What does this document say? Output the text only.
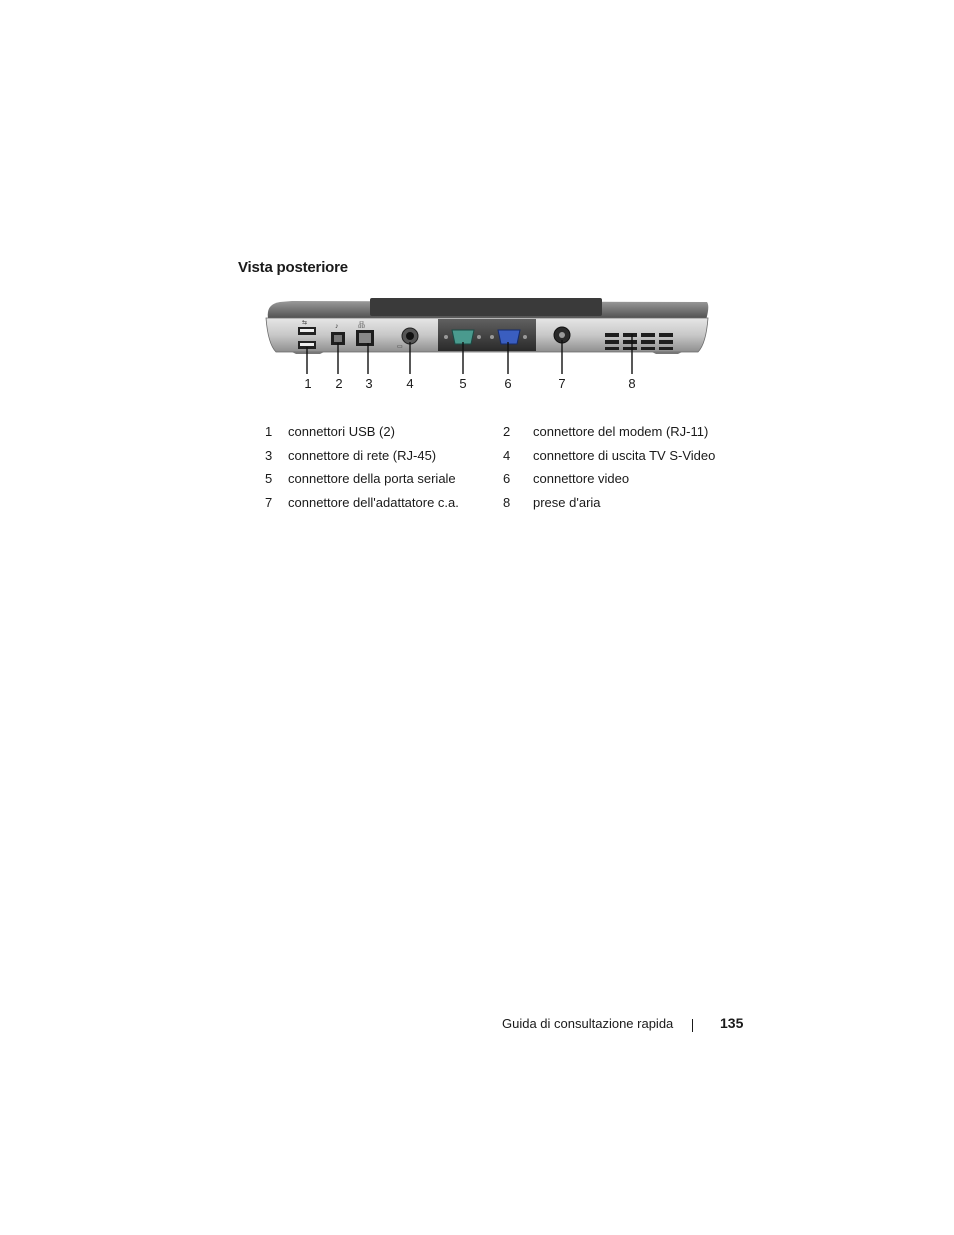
Vista posteriore
⇆	♪	品
▭
1 2 3	4	5	6	7	8
1	connettori USB (2)	2	connettore del modem (RJ-11)
3	connettore di rete (RJ-45)	4	connettore di uscita TV S-Video
5	connettore della porta seriale	6	connettore video
7	connettore dell'adattatore c.a.	8	prese d'aria
Guida di consultazione rapida	135
